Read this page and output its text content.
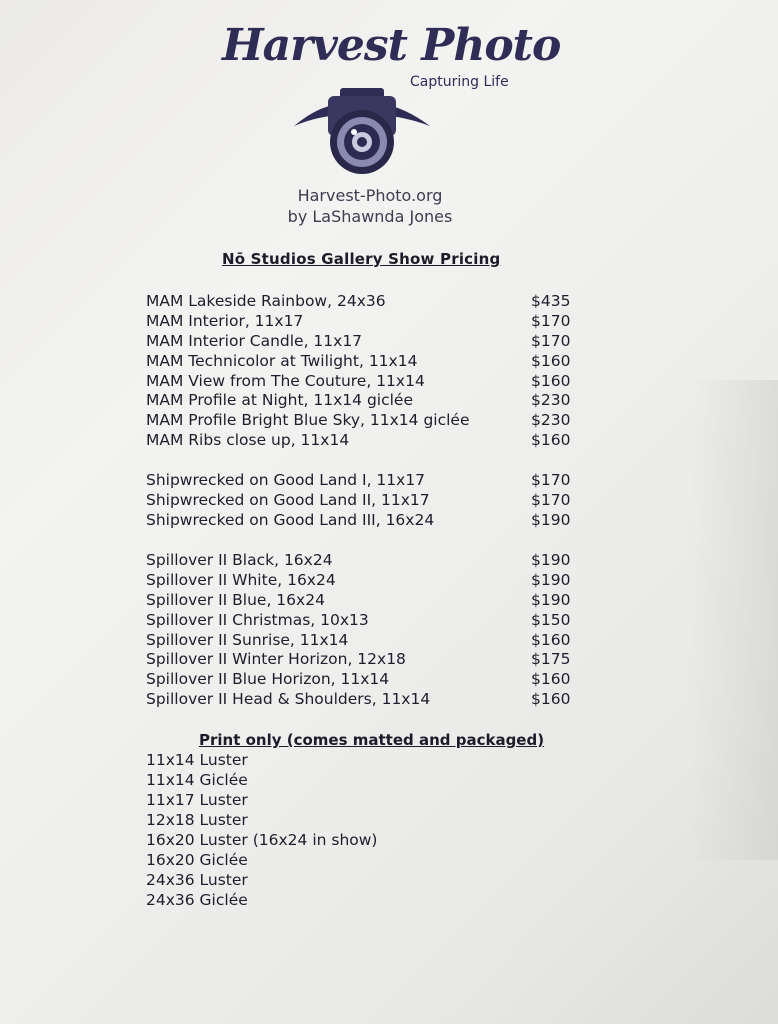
Harvest Photo
Capturing Life
Harvest-Photo.org
by LaShawnda Jones
Nō Studios Gallery Show Pricing
MAM Lakeside Rainbow, 24x36	$435
MAM Interior, 11x17	$170
MAM Interior Candle, 11x17	$170
MAM Technicolor at Twilight, 11x14	$160
MAM View from The Couture, 11x14	$160
MAM Profile at Night, 11x14 giclée	$230
MAM Profile Bright Blue Sky, 11x14 giclée	$230
MAM Ribs close up, 11x14	$160
Shipwrecked on Good Land I, 11x17	$170
Shipwrecked on Good Land II, 11x17	$170
Shipwrecked on Good Land III, 16x24	$190
Spillover II Black, 16x24	$190
Spillover II White, 16x24	$190
Spillover II Blue, 16x24	$190
Spillover II Christmas, 10x13	$150
Spillover II Sunrise, 11x14	$160
Spillover II Winter Horizon, 12x18	$175
Spillover II Blue Horizon, 11x14	$160
Spillover II Head & Shoulders, 11x14	$160
Print only (comes matted and packaged)
11x14 Luster
11x14 Giclée
11x17 Luster
12x18 Luster
16x20 Luster (16x24 in show)
16x20 Giclée
24x36 Luster
24x36 Giclée
